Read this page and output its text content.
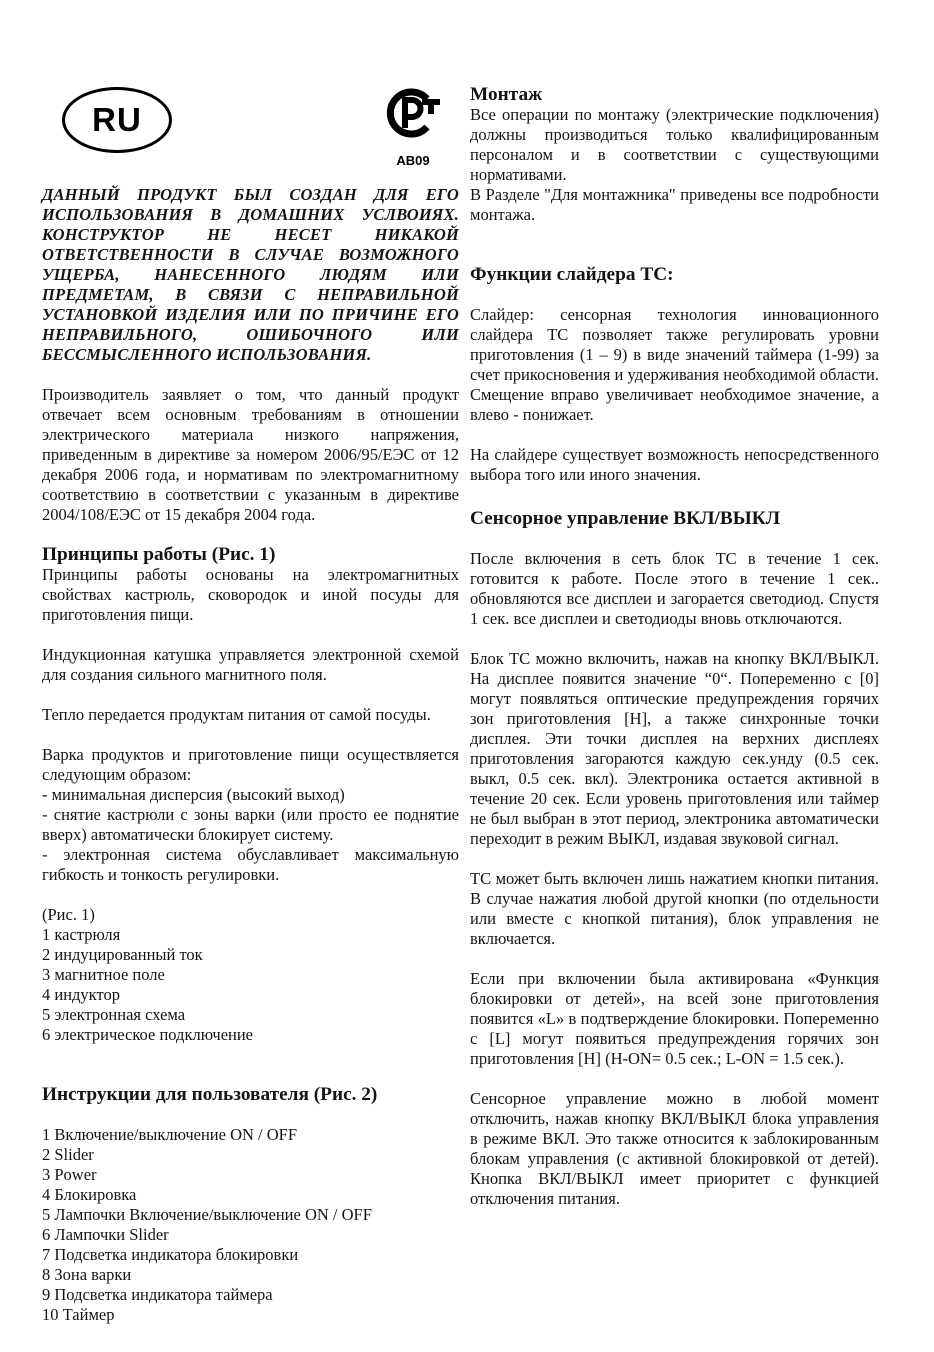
RU
АВ09

ДАННЫЙ ПРОДУКТ БЫЛ СОЗДАН ДЛЯ ЕГО ИСПОЛЬЗОВАНИЯ В ДОМАШНИХ УСЛВОИЯХ. КОНСТРУКТОР НЕ НЕСЕТ НИКАКОЙ ОТВЕТСТВЕННОСТИ В СЛУЧАЕ ВОЗМОЖНОГО УЩЕРБА, НАНЕСЕННОГО ЛЮДЯМ ИЛИ ПРЕДМЕТАМ, В СВЯЗИ С НЕПРАВИЛЬНОЙ УСТАНОВКОЙ ИЗДЕЛИЯ ИЛИ ПО ПРИЧИНЕ ЕГО НЕПРАВИЛЬНОГО, ОШИБОЧНОГО ИЛИ БЕССМЫСЛЕННОГО ИСПОЛЬЗОВАНИЯ.

Производитель заявляет о том, что данный продукт отвечает всем основным требованиям в отношении электрического материала низкого напряжения, приведенным в директиве за номером 2006/95/ЕЭС от 12 декабря 2006 года, и нормативам по электромагнитному соответствию в соответствии с указанным в директиве 2004/108/ЕЭС от 15 декабря 2004 года.

Принципы работы (Рис. 1)

Принципы работы основаны на электромагнитных свойствах кастрюль, сковородок и иной посуды для приготовления пищи.

Индукционная катушка управляется электронной схемой для создания сильного магнитного поля.

Тепло передается продуктам питания от самой посуды.

Варка продуктов и приготовление пищи осуществляется следующим образом:
- минимальная дисперсия (высокий выход)
- снятие кастрюли с зоны варки (или просто ее поднятие вверх) автоматически блокирует систему.
- электронная система обуславливает максимальную гибкость и тонкость регулировки.
(Рис. 1)
1 кастрюля
2 индуцированный ток
3 магнитное поле
4 индуктор
5 электронная схема
6 электрическое подключение
Инструкции для пользователя (Рис. 2)
1 Включение/выключение ON / OFF
2 Slider
3 Power
4 Блокировка
5 Лампочки Включение/выключение ON / OFF
6 Лампочки Slider
7 Подсветка индикатора блокировки
8 Зона варки
9 Подсветка индикатора таймера
10 Таймер
Монтаж

Все операции по монтажу (электрические подключения) должны производиться только квалифицированным персоналом и в соответствии с существующими нормативами.

В Разделе "Для монтажника" приведены все подробности монтажа.

Функции слайдера ТС:

Слайдер: сенсорная технология инновационного слайдера ТС позволяет также регулировать уровни приготовления (1 – 9) в виде значений таймера (1-99) за счет прикосновения и удерживания необходимой области. Смещение вправо увеличивает необходимое значение, а влево - понижает.

На слайдере существует возможность непосредственного выбора того или иного значения.

Сенсорное управление ВКЛ/ВЫКЛ

После включения в сеть блок ТС в течение 1 сек. готовится к работе. После этого в течение 1 сек.. обновляются все дисплеи и загорается светодиод. Спустя 1 сек. все дисплеи и светодиоды вновь отключаются.

Блок ТС можно включить, нажав на кнопку ВКЛ/ВЫКЛ. На дисплее появится значение “0“. Попеременно с [0] могут появляться оптические предупреждения горячих зон приготовления [H], а также синхронные точки дисплея. Эти точки дисплея на верхних дисплеях приготовления загораются каждую сек.унду (0.5 сек. выкл, 0.5 сек. вкл). Электроника остается активной в течение 20 сек. Если уровень приготовления или таймер не был выбран в этот период, электроника автоматически переходит в режим ВЫКЛ, издавая звуковой сигнал.

ТС может быть включен лишь нажатием кнопки питания. В случае нажатия любой другой кнопки (по отдельности или вместе с кнопкой питания), блок управления не включается.

Если при включении была активирована «Функция блокировки от детей», на всей зоне приготовления появится «L» в подтверждение блокировки. Попеременно с [L] могут появиться предупреждения горячих зон приготовления [H] (H-ON= 0.5 сек.; L-ON = 1.5 сек.).

Сенсорное управление можно в любой момент отключить, нажав кнопку ВКЛ/ВЫКЛ блока управления в режиме ВКЛ. Это также относится к заблокированным блокам управления (с активной блокировкой от детей). Кнопка ВКЛ/ВЫКЛ имеет приоритет с функцией отключения питания.
